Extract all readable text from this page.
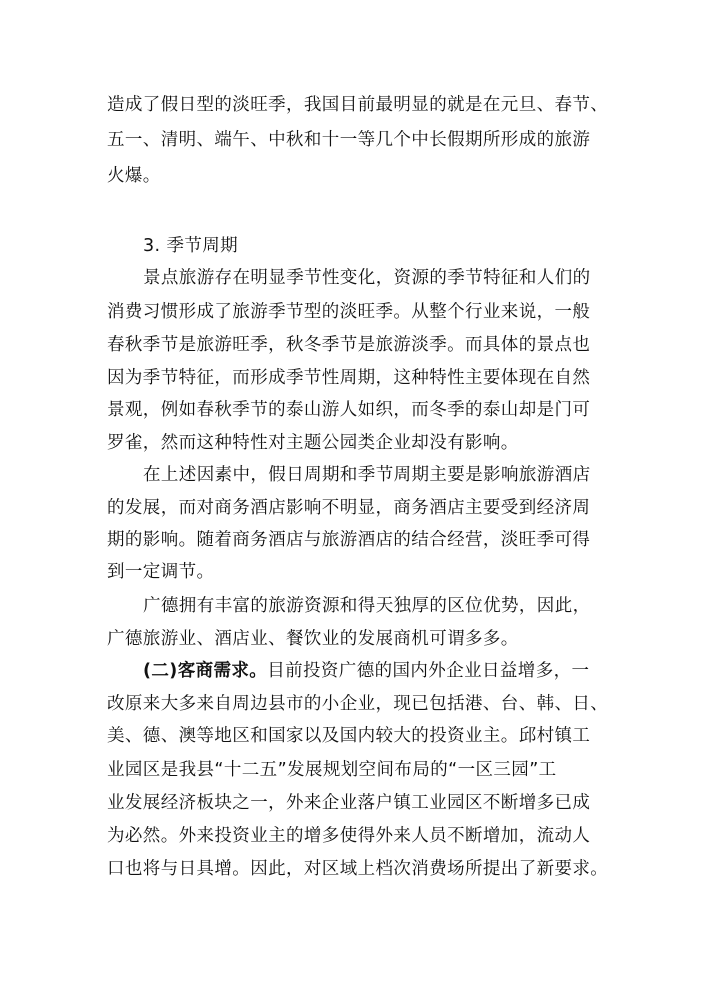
造成了假日型的淡旺季，我国目前最明显的就是在元旦、春节、
五一、清明、端午、中秋和十一等几个中长假期所形成的旅游
火爆。
3. 季节周期
景点旅游存在明显季节性变化，资源的季节特征和人们的
消费习惯形成了旅游季节型的淡旺季。从整个行业来说，一般
春秋季节是旅游旺季，秋冬季节是旅游淡季。而具体的景点也
因为季节特征，而形成季节性周期，这种特性主要体现在自然
景观，例如春秋季节的泰山游人如织，而冬季的泰山却是门可
罗雀，然而这种特性对主题公园类企业却没有影响。
在上述因素中，假日周期和季节周期主要是影响旅游酒店
的发展，而对商务酒店影响不明显，商务酒店主要受到经济周
期的影响。随着商务酒店与旅游酒店的结合经营，淡旺季可得
到一定调节。
广德拥有丰富的旅游资源和得天独厚的区位优势，因此，
广德旅游业、酒店业、餐饮业的发展商机可谓多多。
(二)客商需求。目前投资广德的国内外企业日益增多，一
改原来大多来自周边县市的小企业，现已包括港、台、韩、日、
美、德、澳等地区和国家以及国内较大的投资业主。邱村镇工
业园区是我县“十二五”发展规划空间布局的“一区三园”工
业发展经济板块之一，外来企业落户镇工业园区不断增多已成
为必然。外来投资业主的增多使得外来人员不断增加，流动人
口也将与日具增。因此，对区域上档次消费场所提出了新要求。
